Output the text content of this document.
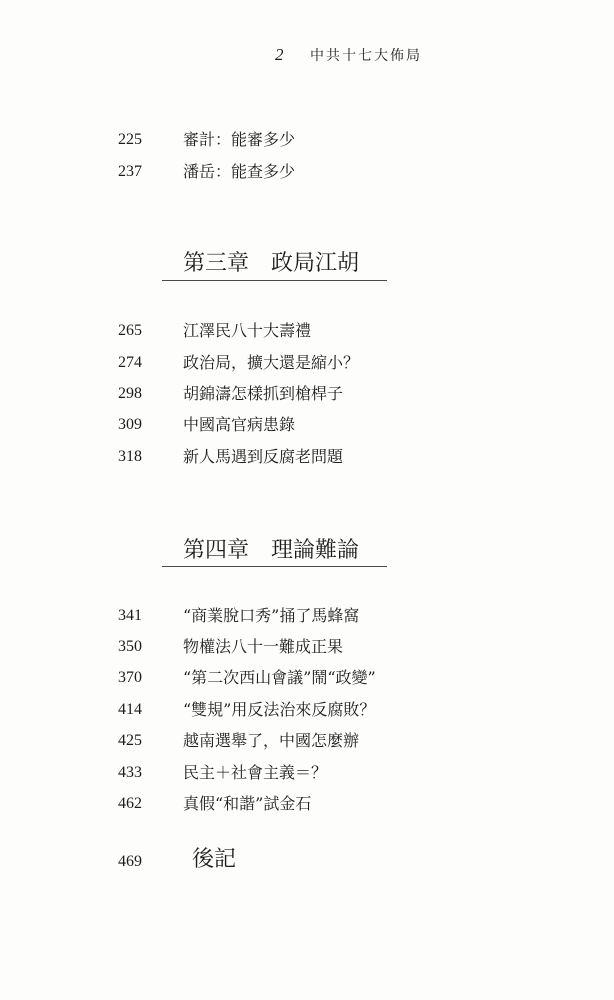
2 中共十七大佈局
225	審計：能審多少
237	潘岳：能查多少
第三章　政局江胡
265	江澤民八十大壽禮
274	政治局，擴大還是縮小？
298	胡錦濤怎樣抓到槍桿子
309	中國高官病患錄
318	新人馬遇到反腐老問題
第四章　理論難論
341	“商業脫口秀”捅了馬蜂窩
350	物權法八十一難成正果
370	“第二次西山會議”鬧“政變”
414	“雙規”用反法治來反腐敗？
425	越南選舉了，中國怎麼辦
433	民主＋社會主義＝？
462	真假“和諧”試金石
469 後記
